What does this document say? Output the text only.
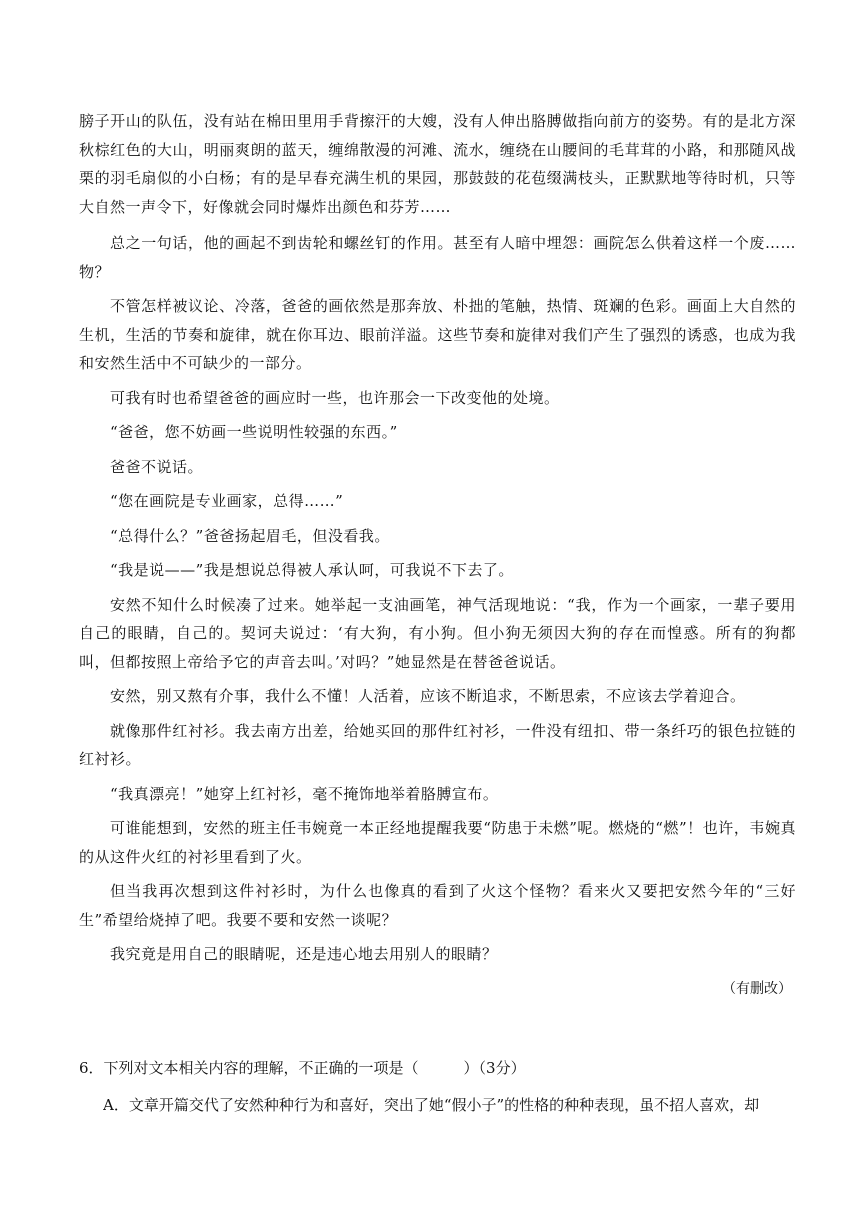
膀子开山的队伍，没有站在棉田里用手背擦汗的大嫂，没有人伸出胳膊做指向前方的姿势。有的是北方深秋棕红色的大山，明丽爽朗的蓝天，缠绵散漫的河滩、流水，缠绕在山腰间的毛茸茸的小路，和那随风战栗的羽毛扇似的小白杨；有的是早春充满生机的果园，那鼓鼓的花苞缀满枝头，正默默地等待时机，只等大自然一声令下，好像就会同时爆炸出颜色和芬芳……

总之一句话，他的画起不到齿轮和螺丝钉的作用。甚至有人暗中埋怨：画院怎么供着这样一个废……物？

不管怎样被议论、冷落，爸爸的画依然是那奔放、朴拙的笔触，热情、斑斓的色彩。画面上大自然的生机，生活的节奏和旋律，就在你耳边、眼前洋溢。这些节奏和旋律对我们产生了强烈的诱惑，也成为我和安然生活中不可缺少的一部分。

可我有时也希望爸爸的画应时一些，也许那会一下改变他的处境。

“爸爸，您不妨画一些说明性较强的东西。”

爸爸不说话。

“您在画院是专业画家，总得……”

“总得什么？”爸爸扬起眉毛，但没看我。

“我是说——”我是想说总得被人承认呵，可我说不下去了。

安然不知什么时候凑了过来。她举起一支油画笔，神气活现地说：“我，作为一个画家，一辈子要用自己的眼睛，自己的。契诃夫说过：‘有大狗，有小狗。但小狗无须因大狗的存在而惶惑。所有的狗都叫，但都按照上帝给予它的声音去叫。’对吗？”她显然是在替爸爸说话。

安然，别又熬有介事，我什么不懂！人活着，应该不断追求，不断思索，不应该去学着迎合。

就像那件红衬衫。我去南方出差，给她买回的那件红衬衫，一件没有纽扣、带一条纤巧的银色拉链的红衬衫。

“我真漂亮！”她穿上红衬衫，毫不掩饰地举着胳膊宣布。

可谁能想到，安然的班主任韦婉竟一本正经地提醒我要“防患于未燃”呢。燃烧的“燃”！也许，韦婉真的从这件火红的衬衫里看到了火。

但当我再次想到这件衬衫时，为什么也像真的看到了火这个怪物？看来火又要把安然今年的“三好生”希望给烧掉了吧。我要不要和安然一谈呢？

我究竟是用自己的眼睛呢，还是违心地去用别人的眼睛？

（有删改）

6．下列对文本相关内容的理解，不正确的一项是（　　　）（3分）

A．文章开篇交代了安然种种行为和喜好，突出了她“假小子”的性格的种种表现，虽不招人喜欢，却
